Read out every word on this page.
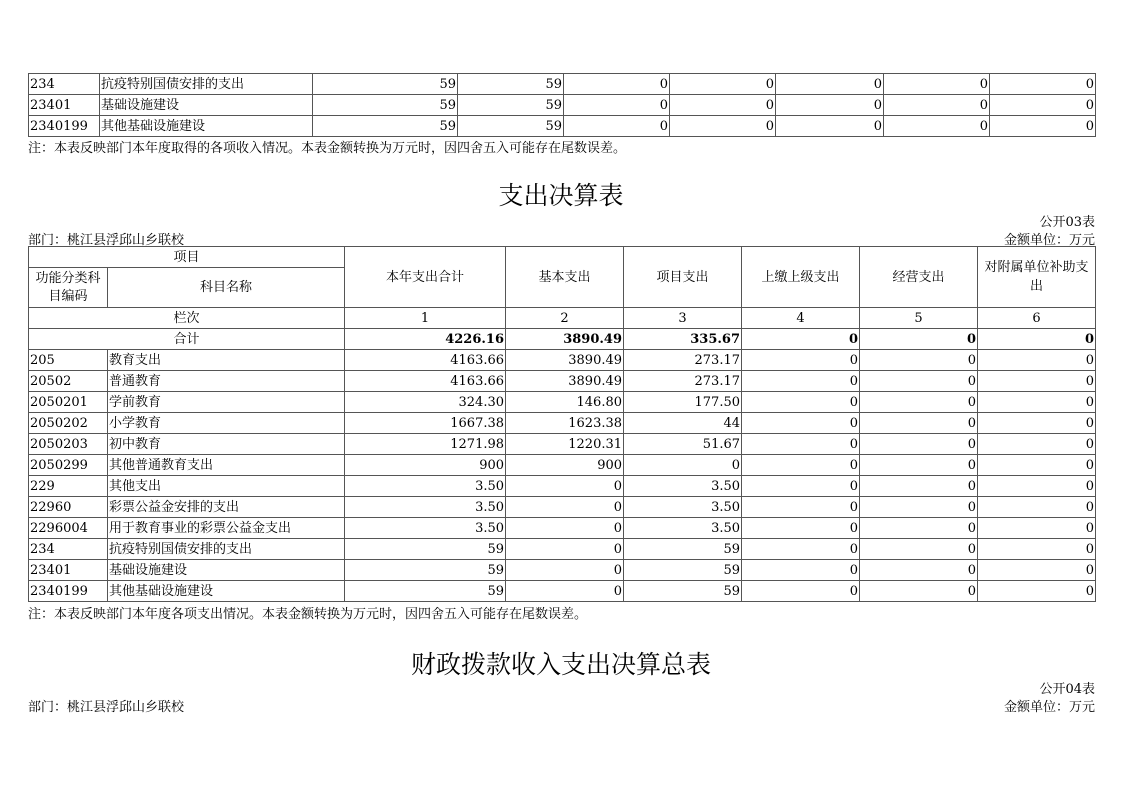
234	抗疫特别国债安排的支出	59	59	0	0	0	0	0
23401	基础设施建设	59	59	0	0	0	0	0
2340199	其他基础设施建设	59	59	0	0	0	0	0
注：本表反映部门本年度取得的各项收入情况。本表金额转换为万元时，因四舍五入可能存在尾数误差。
支出决算表
公开03表
部门：桃江县浮邱山乡联校	金额单位：万元
项目		本年支出合计	基本支出	项目支出	上缴上级支出	经营支出	对附属单位补助支出
功能分类科目编码	科目名称						
栏次		1	2	3	4	5	6
合计		4226.16	3890.49	335.67	0	0	0
205	教育支出	4163.66	3890.49	273.17	0	0	0
20502	普通教育	4163.66	3890.49	273.17	0	0	0
2050201	学前教育	324.30	146.80	177.50	0	0	0
2050202	小学教育	1667.38	1623.38	44	0	0	0
2050203	初中教育	1271.98	1220.31	51.67	0	0	0
2050299	其他普通教育支出	900	900	0	0	0	0
229	其他支出	3.50	0	3.50	0	0	0
22960	彩票公益金安排的支出	3.50	0	3.50	0	0	0
2296004	用于教育事业的彩票公益金支出	3.50	0	3.50	0	0	0
234	抗疫特别国债安排的支出	59	0	59	0	0	0
23401	基础设施建设	59	0	59	0	0	0
2340199	其他基础设施建设	59	0	59	0	0	0
注：本表反映部门本年度各项支出情况。本表金额转换为万元时，因四舍五入可能存在尾数误差。
财政拨款收入支出决算总表
公开04表
部门：桃江县浮邱山乡联校	金额单位：万元
